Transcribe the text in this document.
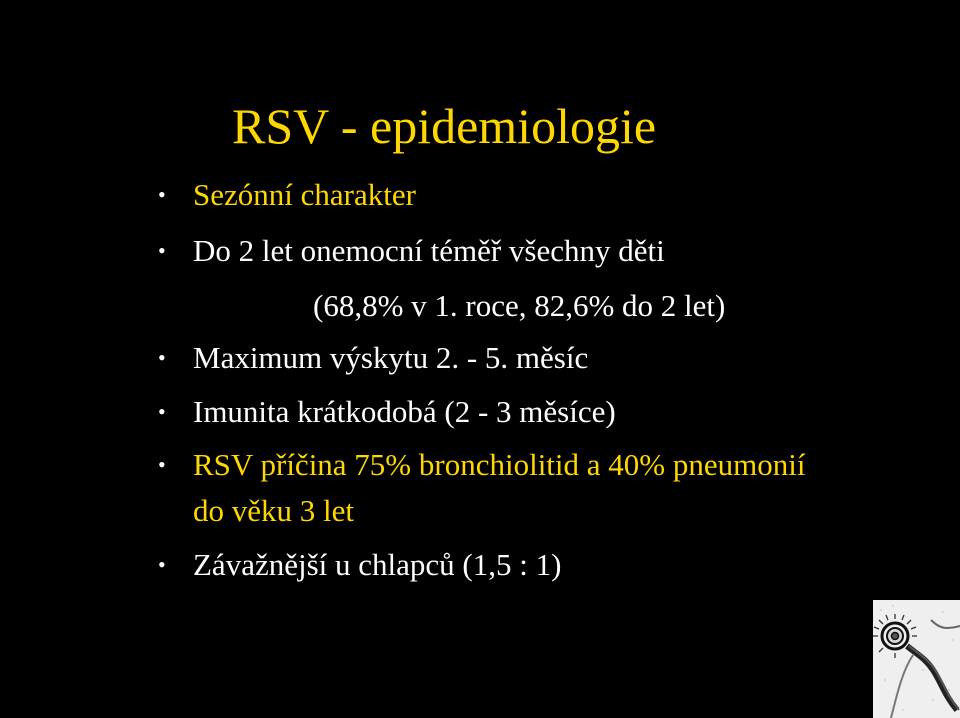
RSV - epidemiologie
• Sezónní charakter
• Do 2 let onemocní téměř všechny děti
(68,8% v 1. roce, 82,6% do 2 let)
• Maximum výskytu 2. - 5. měsíc
• Imunita krátkodobá (2 - 3 měsíce)
• RSV příčina 75% bronchiolitid a 40% pneumonií
do věku 3 let
• Závažnější u chlapců (1,5 : 1)
